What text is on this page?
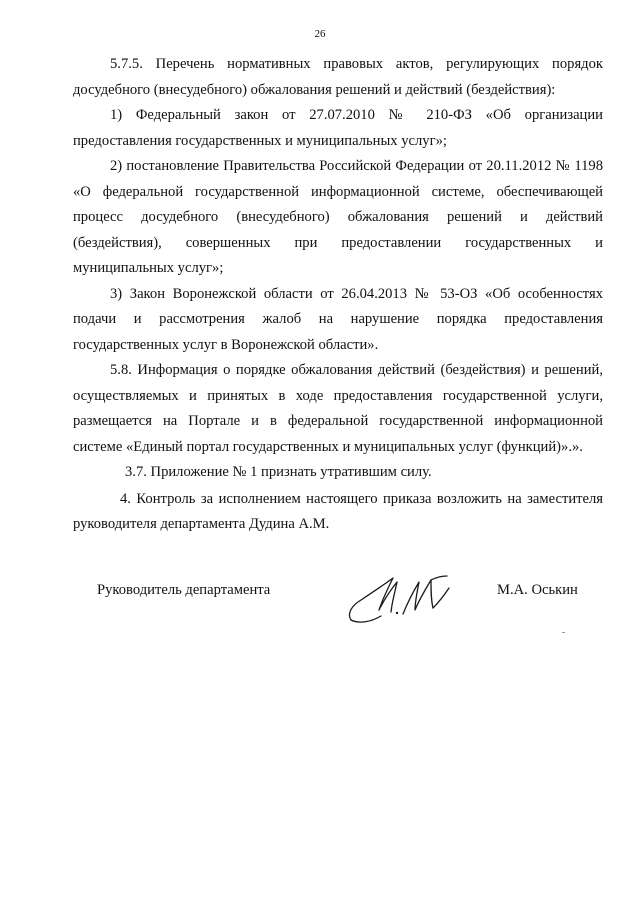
26

5.7.5. Перечень нормативных правовых актов, регулирующих порядок досудебного (внесудебного) обжалования решений и действий (бездействия):

1) Федеральный закон от 27.07.2010 № 210-ФЗ «Об организации предоставления государственных и муниципальных услуг»;

2) постановление Правительства Российской Федерации от 20.11.2012 № 1198 «О федеральной государственной информационной системе, обеспечивающей процесс досудебного (внесудебного) обжалования решений и действий (бездействия), совершенных при предоставлении государственных и муниципальных услуг»;

3) Закон Воронежской области от 26.04.2013 № 53-ОЗ «Об особенностях подачи и рассмотрения жалоб на нарушение порядка предоставления государственных услуг в Воронежской области».

5.8. Информация о порядке обжалования действий (бездействия) и решений, осуществляемых и принятых в ходе предоставления государственной услуги, размещается на Портале и в федеральной государственной информационной системе «Единый портал государственных и муниципальных услуг (функций)».».

3.7. Приложение № 1 признать утратившим силу.

4. Контроль за исполнением настоящего приказа возложить на заместителя руководителя департамента Дудина А.М.

Руководитель департамента	М.А. Оськин
